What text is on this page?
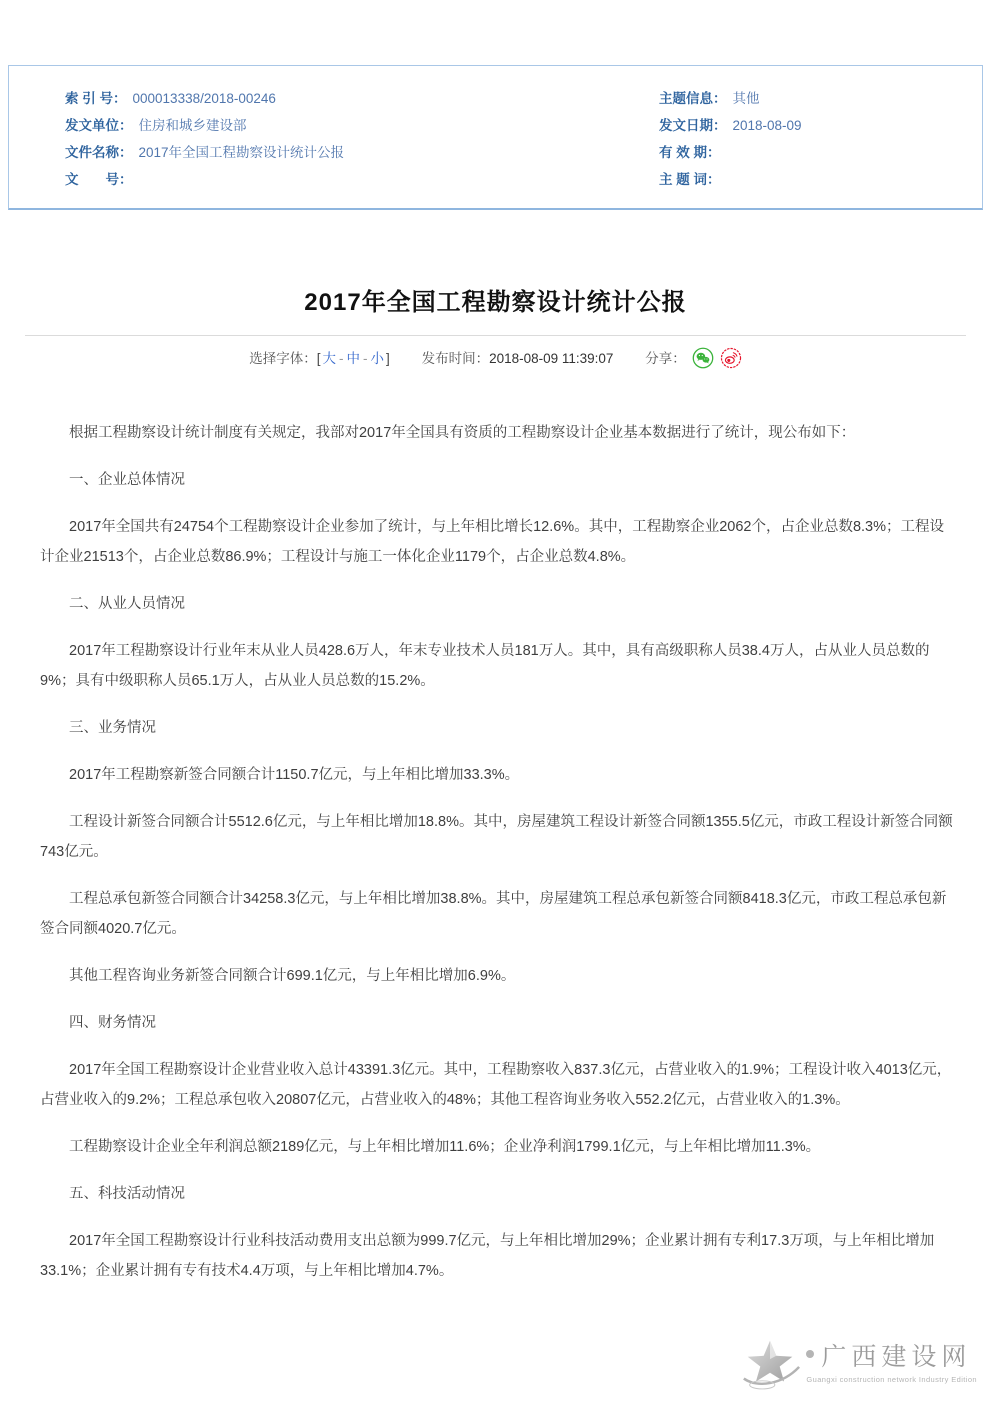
索 引 号： 000013338/2018-00246
发文单位： 住房和城乡建设部
文件名称： 2017年全国工程勘察设计统计公报
文　　号：
主题信息： 其他
发文日期： 2018-08-09
有 效 期：
主 题 词：
2017年全国工程勘察设计统计公报
选择字体：[ 大 - 中 - 小 ] 发布时间：2018-08-09 11:39:07 分享：
根据工程勘察设计统计制度有关规定，我部对2017年全国具有资质的工程勘察设计企业基本数据进行了统计，现公布如下：
一、企业总体情况
2017年全国共有24754个工程勘察设计企业参加了统计，与上年相比增长12.6%。其中，工程勘察企业2062个，占企业总数8.3%；工程设计企业21513个，占企业总数86.9%；工程设计与施工一体化企业1179个，占企业总数4.8%。
二、从业人员情况
2017年工程勘察设计行业年末从业人员428.6万人，年末专业技术人员181万人。其中，具有高级职称人员38.4万人，占从业人员总数的9%；具有中级职称人员65.1万人，占从业人员总数的15.2%。
三、业务情况
2017年工程勘察新签合同额合计1150.7亿元，与上年相比增加33.3%。
工程设计新签合同额合计5512.6亿元，与上年相比增加18.8%。其中，房屋建筑工程设计新签合同额1355.5亿元，市政工程设计新签合同额743亿元。
工程总承包新签合同额合计34258.3亿元，与上年相比增加38.8%。其中，房屋建筑工程总承包新签合同额8418.3亿元，市政工程总承包新签合同额4020.7亿元。
其他工程咨询业务新签合同额合计699.1亿元，与上年相比增加6.9%。
四、财务情况
2017年全国工程勘察设计企业营业收入总计43391.3亿元。其中，工程勘察收入837.3亿元，占营业收入的1.9%；工程设计收入4013亿元，占营业收入的9.2%；工程总承包收入20807亿元，占营业收入的48%；其他工程咨询业务收入552.2亿元，占营业收入的1.3%。
工程勘察设计企业全年利润总额2189亿元，与上年相比增加11.6%；企业净利润1799.1亿元，与上年相比增加11.3%。
五、科技活动情况
2017年全国工程勘察设计行业科技活动费用支出总额为999.7亿元，与上年相比增加29%；企业累计拥有专利17.3万项，与上年相比增加33.1%；企业累计拥有专有技术4.4万项，与上年相比增加4.7%。
广西建设网
Guangxi construction network Industry Edition
